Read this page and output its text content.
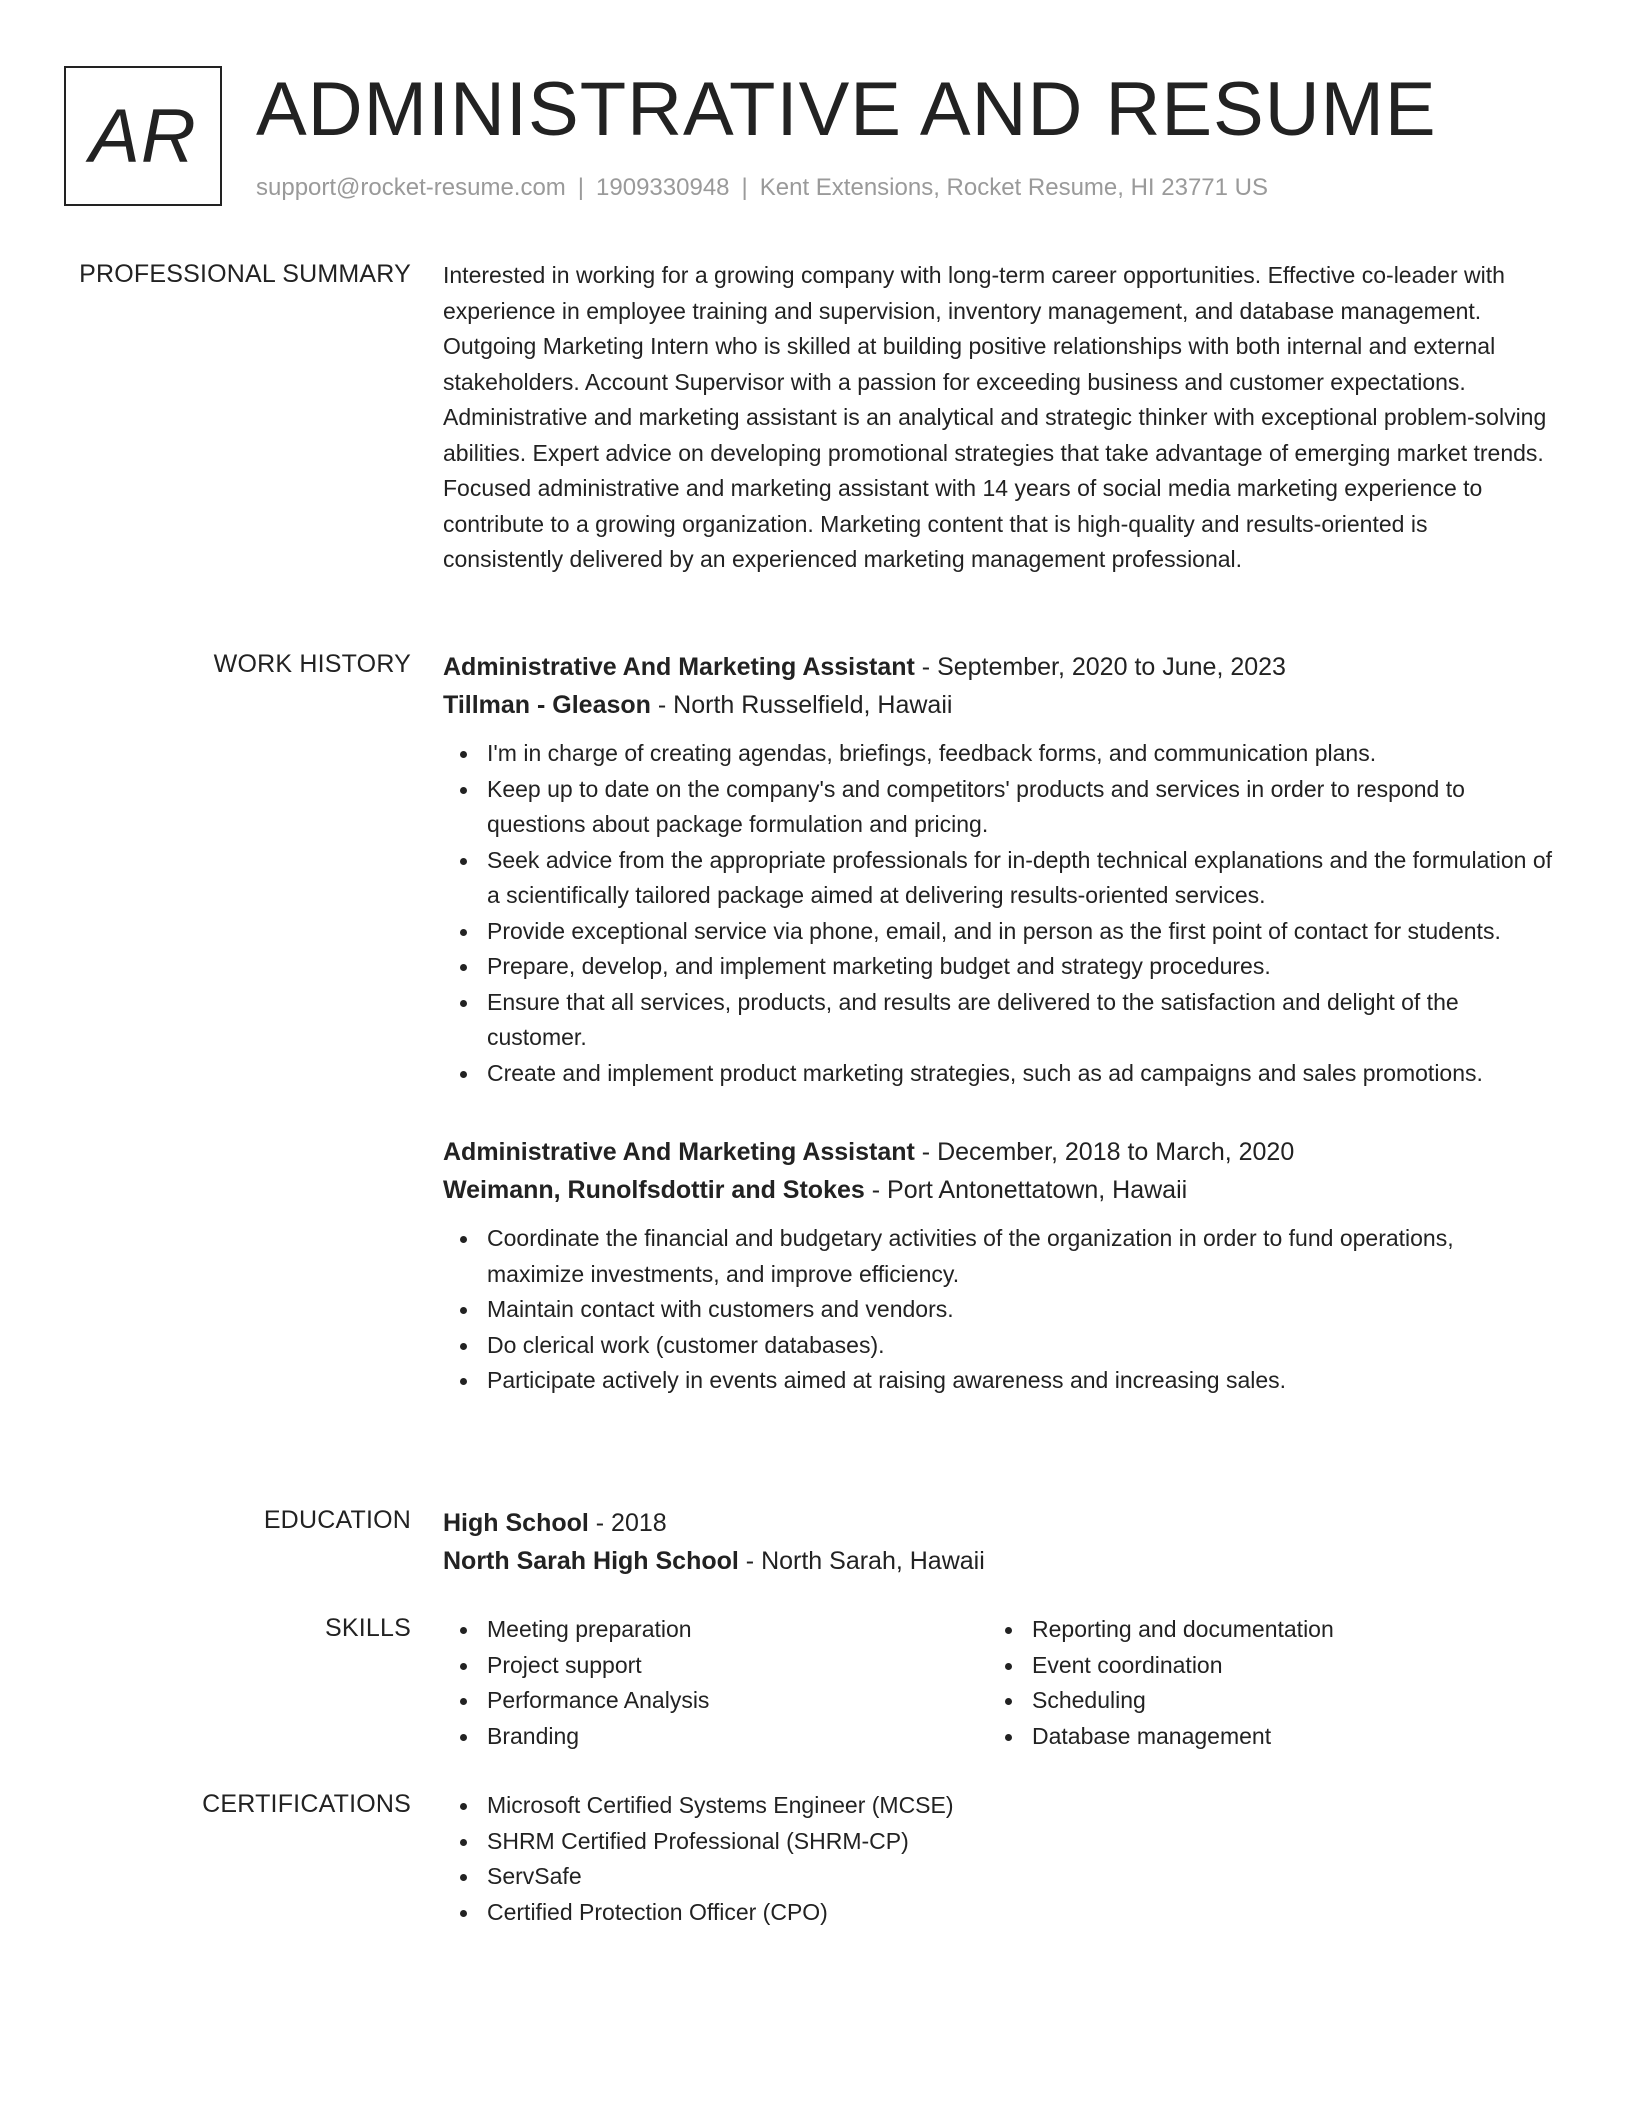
AR ADMINISTRATIVE AND RESUME
support@rocket-resume.com | 1909330948 | Kent Extensions, Rocket Resume, HI 23771 US
PROFESSIONAL SUMMARY Interested in working for a growing company with long-term career opportunities. Effective co-leader with experience in employee training and supervision, inventory management, and database management. Outgoing Marketing Intern who is skilled at building positive relationships with both internal and external stakeholders. Account Supervisor with a passion for exceeding business and customer expectations. Administrative and marketing assistant is an analytical and strategic thinker with exceptional problem-solving abilities. Expert advice on developing promotional strategies that take advantage of emerging market trends. Focused administrative and marketing assistant with 14 years of social media marketing experience to contribute to a growing organization. Marketing content that is high-quality and results-oriented is consistently delivered by an experienced marketing management professional.

WORK HISTORY Administrative And Marketing Assistant - September, 2020 to June, 2023

Tillman - Gleason - North Russelfield, Hawaii

I'm in charge of creating agendas, briefings, feedback forms, and communication plans.
Keep up to date on the company's and competitors' products and services in order to respond to questions about package formulation and pricing.
Seek advice from the appropriate professionals for in-depth technical explanations and the formulation of a scientifically tailored package aimed at delivering results-oriented services.
Provide exceptional service via phone, email, and in person as the first point of contact for students.
Prepare, develop, and implement marketing budget and strategy procedures.
Ensure that all services, products, and results are delivered to the satisfaction and delight of the customer.
Create and implement product marketing strategies, such as ad campaigns and sales promotions.

Administrative And Marketing Assistant - December, 2018 to March, 2020

Weimann, Runolfsdottir and Stokes - Port Antonettatown, Hawaii

Coordinate the financial and budgetary activities of the organization in order to fund operations, maximize investments, and improve efficiency.
Maintain contact with customers and vendors.
Do clerical work (customer databases).
Participate actively in events aimed at raising awareness and increasing sales.
EDUCATION High School - 2018

North Sarah High School - North Sarah, Hawaii

SKILLS	Meeting preparation
Project support
Performance Analysis
Branding
Reporting and documentation
Event coordination
Scheduling
Database management
CERTIFICATIONS	Microsoft Certified Systems Engineer (MCSE)
SHRM Certified Professional (SHRM-CP)
ServSafe
Certified Protection Officer (CPO)
